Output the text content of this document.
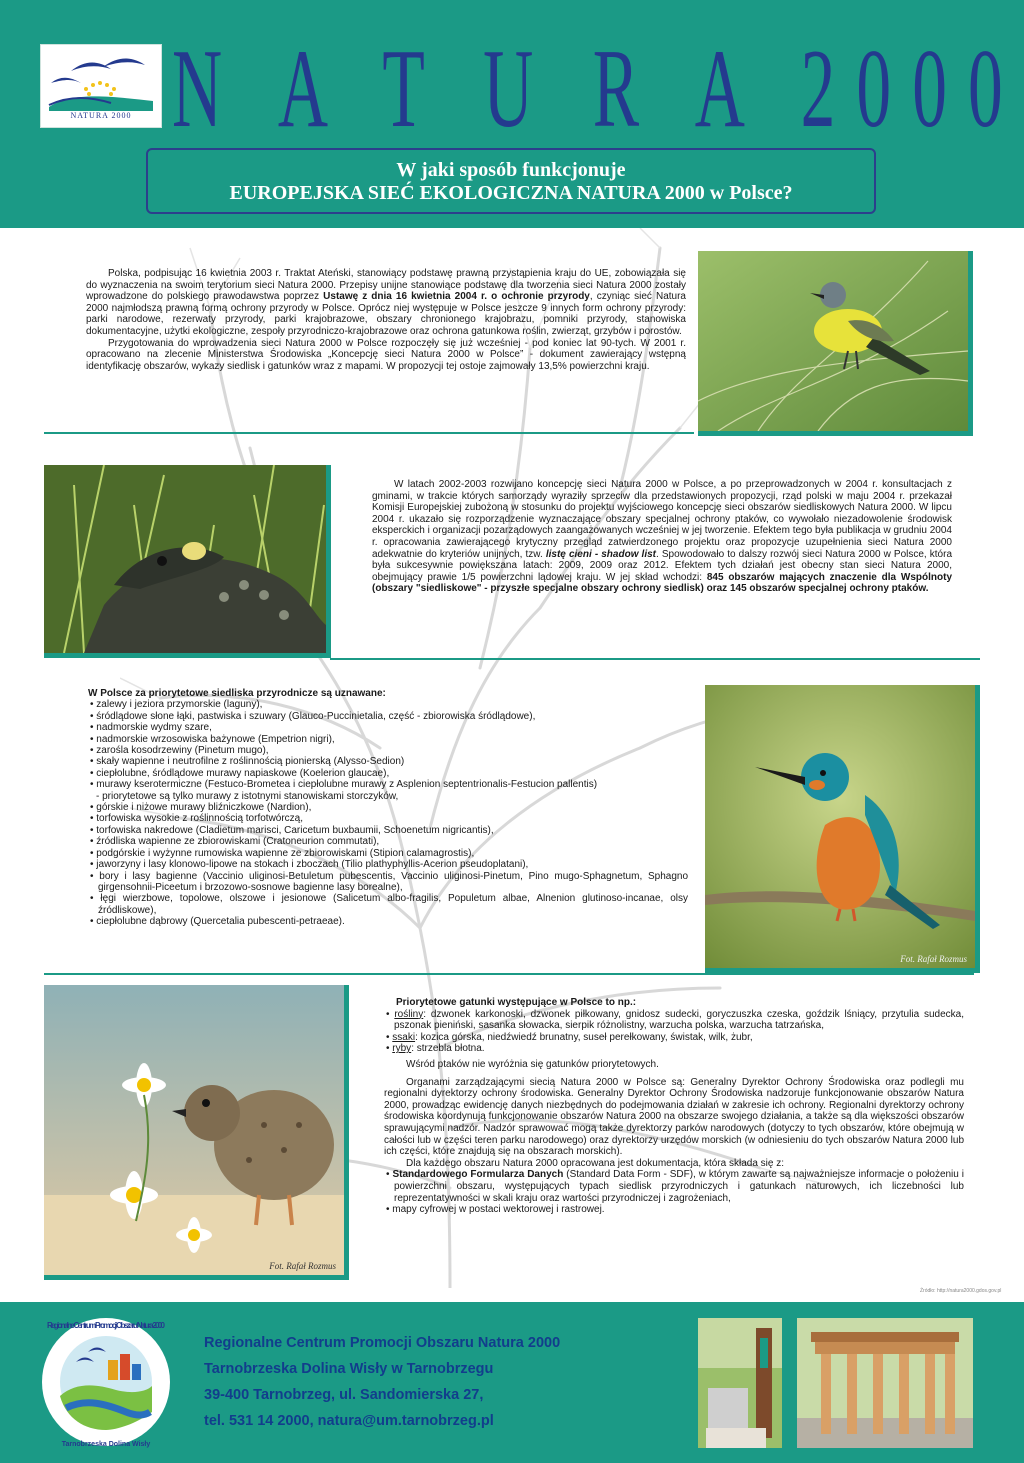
NATURA 2000 N A T U R A 2000
W jaki sposób funkcjonuje
EUROPEJSKA SIEĆ EKOLOGICZNA NATURA 2000 w Polsce?

Polska, podpisując 16 kwietnia 2003 r. Traktat Ateński, stanowiący podstawę prawną przystąpienia kraju do UE, zobowiązała się do wyznaczenia na swoim terytorium sieci Natura 2000. Przepisy unijne stanowiące podstawę dla tworzenia sieci Natura 2000 zostały wprowadzone do polskiego prawodawstwa poprzez Ustawę z dnia 16 kwietnia 2004 r. o ochronie przyrody, czyniąc sieć Natura 2000 najmłodszą prawną formą ochrony przyrody w Polsce. Oprócz niej występuje w Polsce jeszcze 9 innych form ochrony przyrody: parki narodowe, rezerwaty przyrody, parki krajobrazowe, obszary chronionego krajobrazu, pomniki przyrody, stanowiska dokumentacyjne, użytki ekologiczne, zespoły przyrodniczo-krajobrazowe oraz ochrona gatunkowa roślin, zwierząt, grzybów i porostów.

Przygotowania do wprowadzenia sieci Natura 2000 w Polsce rozpoczęły się już wcześniej - pod koniec lat 90-tych. W 2001 r. opracowano na zlecenie Ministerstwa Środowiska „Koncepcję sieci Natura 2000 w Polsce” - dokument zawierający wstępną identyfikację obszarów, wykazy siedlisk i gatunków wraz z mapami. W propozycji tej ostoje zajmowały 13,5% powierzchni kraju.

W latach 2002-2003 rozwijano koncepcję sieci Natura 2000 w Polsce, a po przeprowadzonych w 2004 r. konsultacjach z gminami, w trakcie których samorządy wyraziły sprzeciw dla przedstawionych propozycji, rząd polski w maju 2004 r. przekazał Komisji Europejskiej zubożoną w stosunku do projektu wyjściowego koncepcję sieci obszarów siedliskowych Natura 2000. W lipcu 2004 r. ukazało się rozporządzenie wyznaczające obszary specjalnej ochrony ptaków, co wywołało niezadowolenie środowisk eksperckich i organizacji pozarządowych zaangażowanych wcześniej w jej tworzenie. Efektem tego była publikacja w grudniu 2004 r. opracowania zawierającego krytyczny przegląd zatwierdzonego projektu oraz propozycje uzupełnienia sieci Natura 2000 adekwatnie do kryteriów unijnych, tzw. listę cieni - shadow list. Spowodowało to dalszy rozwój sieci Natura 2000 w Polsce, która była sukcesywnie powiększana latach: 2009, 2009 oraz 2012. Efektem tych działań jest obecny stan sieci Natura 2000, obejmujący prawie 1/5 powierzchni lądowej kraju. W jej skład wchodzi: 845 obszarów mających znaczenie dla Wspólnoty (obszary "siedliskowe" - przyszłe specjalne obszary ochrony siedlisk) oraz 145 obszarów specjalnej ochrony ptaków.

W Polsce za priorytetowe siedliska przyrodnicze są uznawane:
• zalewy i jeziora przymorskie (laguny),
• śródlądowe słone łąki, pastwiska i szuwary (Glauco-Puccinietalia, część - zbiorowiska śródlądowe),
• nadmorskie wydmy szare,
• nadmorskie wrzosowiska bażynowe (Empetrion nigri),
• zarośla kosodrzewiny (Pinetum mugo),
• skały wapienne i neutrofilne z roślinnością pionierską (Alysso-Sedion)
• ciepłolubne, śródlądowe murawy napiaskowe (Koelerion glaucae),
• murawy kserotermiczne (Festuco-Brometea i ciepłolubne murawy z Asplenion septentrionalis-Festucion pallentis)
- priorytetowe są tylko murawy z istotnymi stanowiskami storczyków,
• górskie i niżowe murawy bliźniczkowe (Nardion),
• torfowiska wysokie z roślinnością torfotwórczą,
• torfowiska nakredowe (Cladietum marisci, Caricetum buxbaumii, Schoenetum nigricantis),
• źródliska wapienne ze zbiorowiskami (Cratoneurion commutati),
• podgórskie i wyżynne rumowiska wapienne ze zbiorowiskami (Stipion calamagrostis),
• jaworzyny i lasy klonowo-lipowe na stokach i zboczach (Tilio plathyphyllis-Acerion pseudoplatani),
• bory i lasy bagienne (Vaccinio uliginosi-Betuletum pubescentis, Vaccinio uliginosi-Pinetum, Pino mugo-Sphagnetum, Sphagno girgensohnii-Piceetum i brzozowo-sosnowe bagienne lasy borealne),
• łęgi wierzbowe, topolowe, olszowe i jesionowe (Salicetum albo-fragilis, Populetum albae, Alnenion glutinoso-incanae, olsy źródliskowe),
• ciepłolubne dąbrowy (Quercetalia pubescenti-petraeae).
Fot. Rafał Rozmus
Fot. Rafał Rozmus
Priorytetowe gatunki występujące w Polsce to np.:
• rośliny: dzwonek karkonoski, dzwonek piłkowany, gnidosz sudecki, goryczuszka czeska, goździk lśniący, przytulia sudecka, pszonak pieniński, sasanka słowacka, sierpik różnolistny, warzucha polska, warzucha tatrzańska,
• ssaki: kozica górska, niedźwiedź brunatny, suseł perełkowany, świstak, wilk, żubr,
• ryby: strzebla błotna.

Wśród ptaków nie wyróżnia się gatunków priorytetowych.

Organami zarządzającymi siecią Natura 2000 w Polsce są: Generalny Dyrektor Ochrony Środowiska oraz podlegli mu regionalni dyrektorzy ochrony środowiska. Generalny Dyrektor Ochrony Środowiska nadzoruje funkcjonowanie obszarów Natura 2000, prowadząc ewidencję danych niezbędnych do podejmowania działań w zakresie ich ochrony. Regionalni dyrektorzy ochrony środowiska koordynują funkcjonowanie obszarów Natura 2000 na obszarze swojego działania, a także są dla większości obszarów sprawującymi nadzór. Nadzór sprawować mogą także dyrektorzy parków narodowych (dotyczy to tych obszarów, które obejmują w całości lub w części teren parku narodowego) oraz dyrektorzy urzędów morskich (w odniesieniu do tych obszarów Natura 2000 lub ich części, które znajdują się na obszarach morskich).

Dla każdego obszaru Natura 2000 opracowana jest dokumentacja, która składa się z:

• Standardowego Formularza Danych (Standard Data Form - SDF), w którym zawarte są najważniejsze informacje o położeniu i powierzchni obszaru, występujących typach siedlisk przyrodniczych i gatunkach naturowych, ich liczebności lub reprezentatywności w skali kraju oraz wartości przyrodniczej i zagrożeniach,
• mapy cyfrowej w postaci wektorowej i rastrowej.
Źródło: http://natura2000.gdos.gov.pl
Regionalne Centrum Promocji Obszaru Natura 2000
Tarnobrzeska Dolina Wisły
Regionalne Centrum Promocji Obszaru Natura 2000
Tarnobrzeska Dolina Wisły w Tarnobrzegu
39-400 Tarnobrzeg, ul. Sandomierska 27,
tel. 531 14 2000, natura@um.tarnobrzeg.pl
